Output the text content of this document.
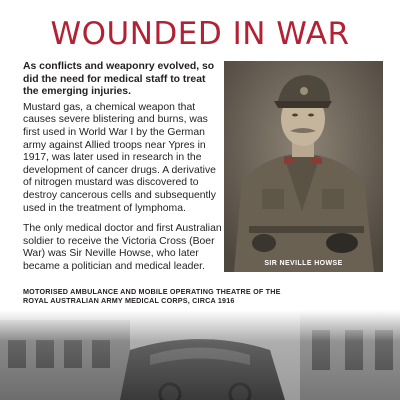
WOUNDED IN WAR

As conflicts and weaponry evolved, so did the need for medical staff to treat the emerging injuries.

Mustard gas, a chemical weapon that causes severe blistering and burns, was first used in World War I by the German army against Allied troops near Ypres in 1917, was later used in research in the development of cancer drugs. A derivative of nitrogen mustard was discovered to destroy cancerous cells and subsequently used in the treatment of lymphoma.

The only medical doctor and first Australian soldier to receive the Victoria Cross (Boer War) was Sir Neville Howse, who later became a politician and medical leader.	SIR NEVILLE HOWSE
MOTORISED AMBULANCE AND MOBILE OPERATING THEATRE OF THE ROYAL AUSTRALIAN ARMY MEDICAL CORPS, CIRCA 1916
